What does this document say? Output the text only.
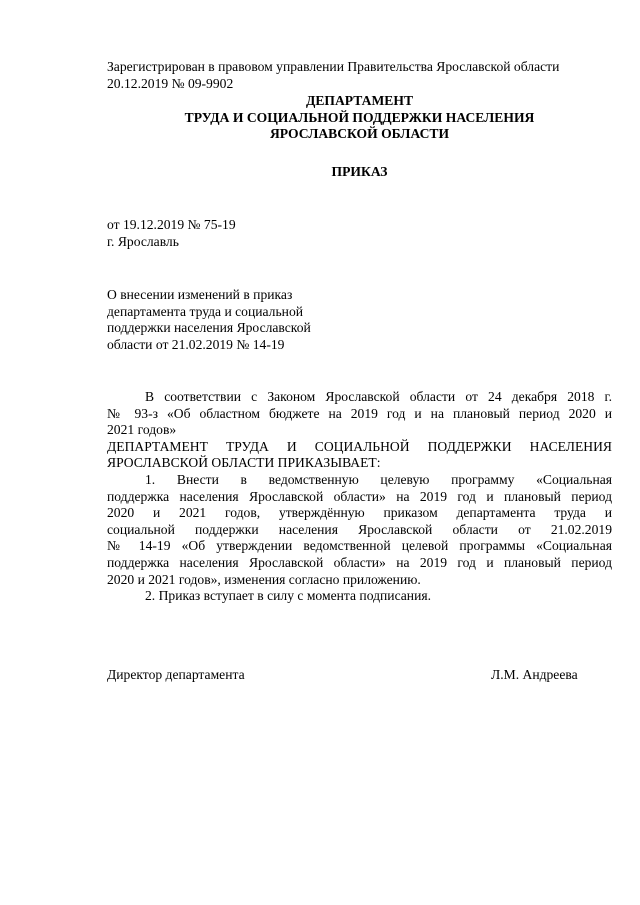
Зарегистрирован в правовом управлении Правительства Ярославской области
20.12.2019 № 09-9902
ДЕПАРТАМЕНТ
ТРУДА И СОЦИАЛЬНОЙ ПОДДЕРЖКИ НАСЕЛЕНИЯ
ЯРОСЛАВСКОЙ ОБЛАСТИ
ПРИКАЗ
от 19.12.2019 № 75-19
г. Ярославль
О внесении изменений в приказ
департамента труда и социальной
поддержки населения Ярославской
области от 21.02.2019 № 14-19
В соответствии с Законом Ярославской области от 24 декабря 2018 г.
№ 93-з «Об областном бюджете на 2019 год и на плановый период 2020 и
2021 годов»
ДЕПАРТАМЕНТ ТРУДА И СОЦИАЛЬНОЙ ПОДДЕРЖКИ НАСЕЛЕНИЯ
ЯРОСЛАВСКОЙ ОБЛАСТИ ПРИКАЗЫВАЕТ:
1. Внести в ведомственную целевую программу «Социальная
поддержка населения Ярославской области» на 2019 год и плановый период
2020 и 2021 годов, утверждённую приказом департамента труда и
социальной поддержки населения Ярославской области от 21.02.2019
№ 14-19 «Об утверждении ведомственной целевой программы «Социальная
поддержка населения Ярославской области» на 2019 год и плановый период
2020 и 2021 годов», изменения согласно приложению.
2. Приказ вступает в силу с момента подписания.
Директор департамента	Л.М. Андреева
